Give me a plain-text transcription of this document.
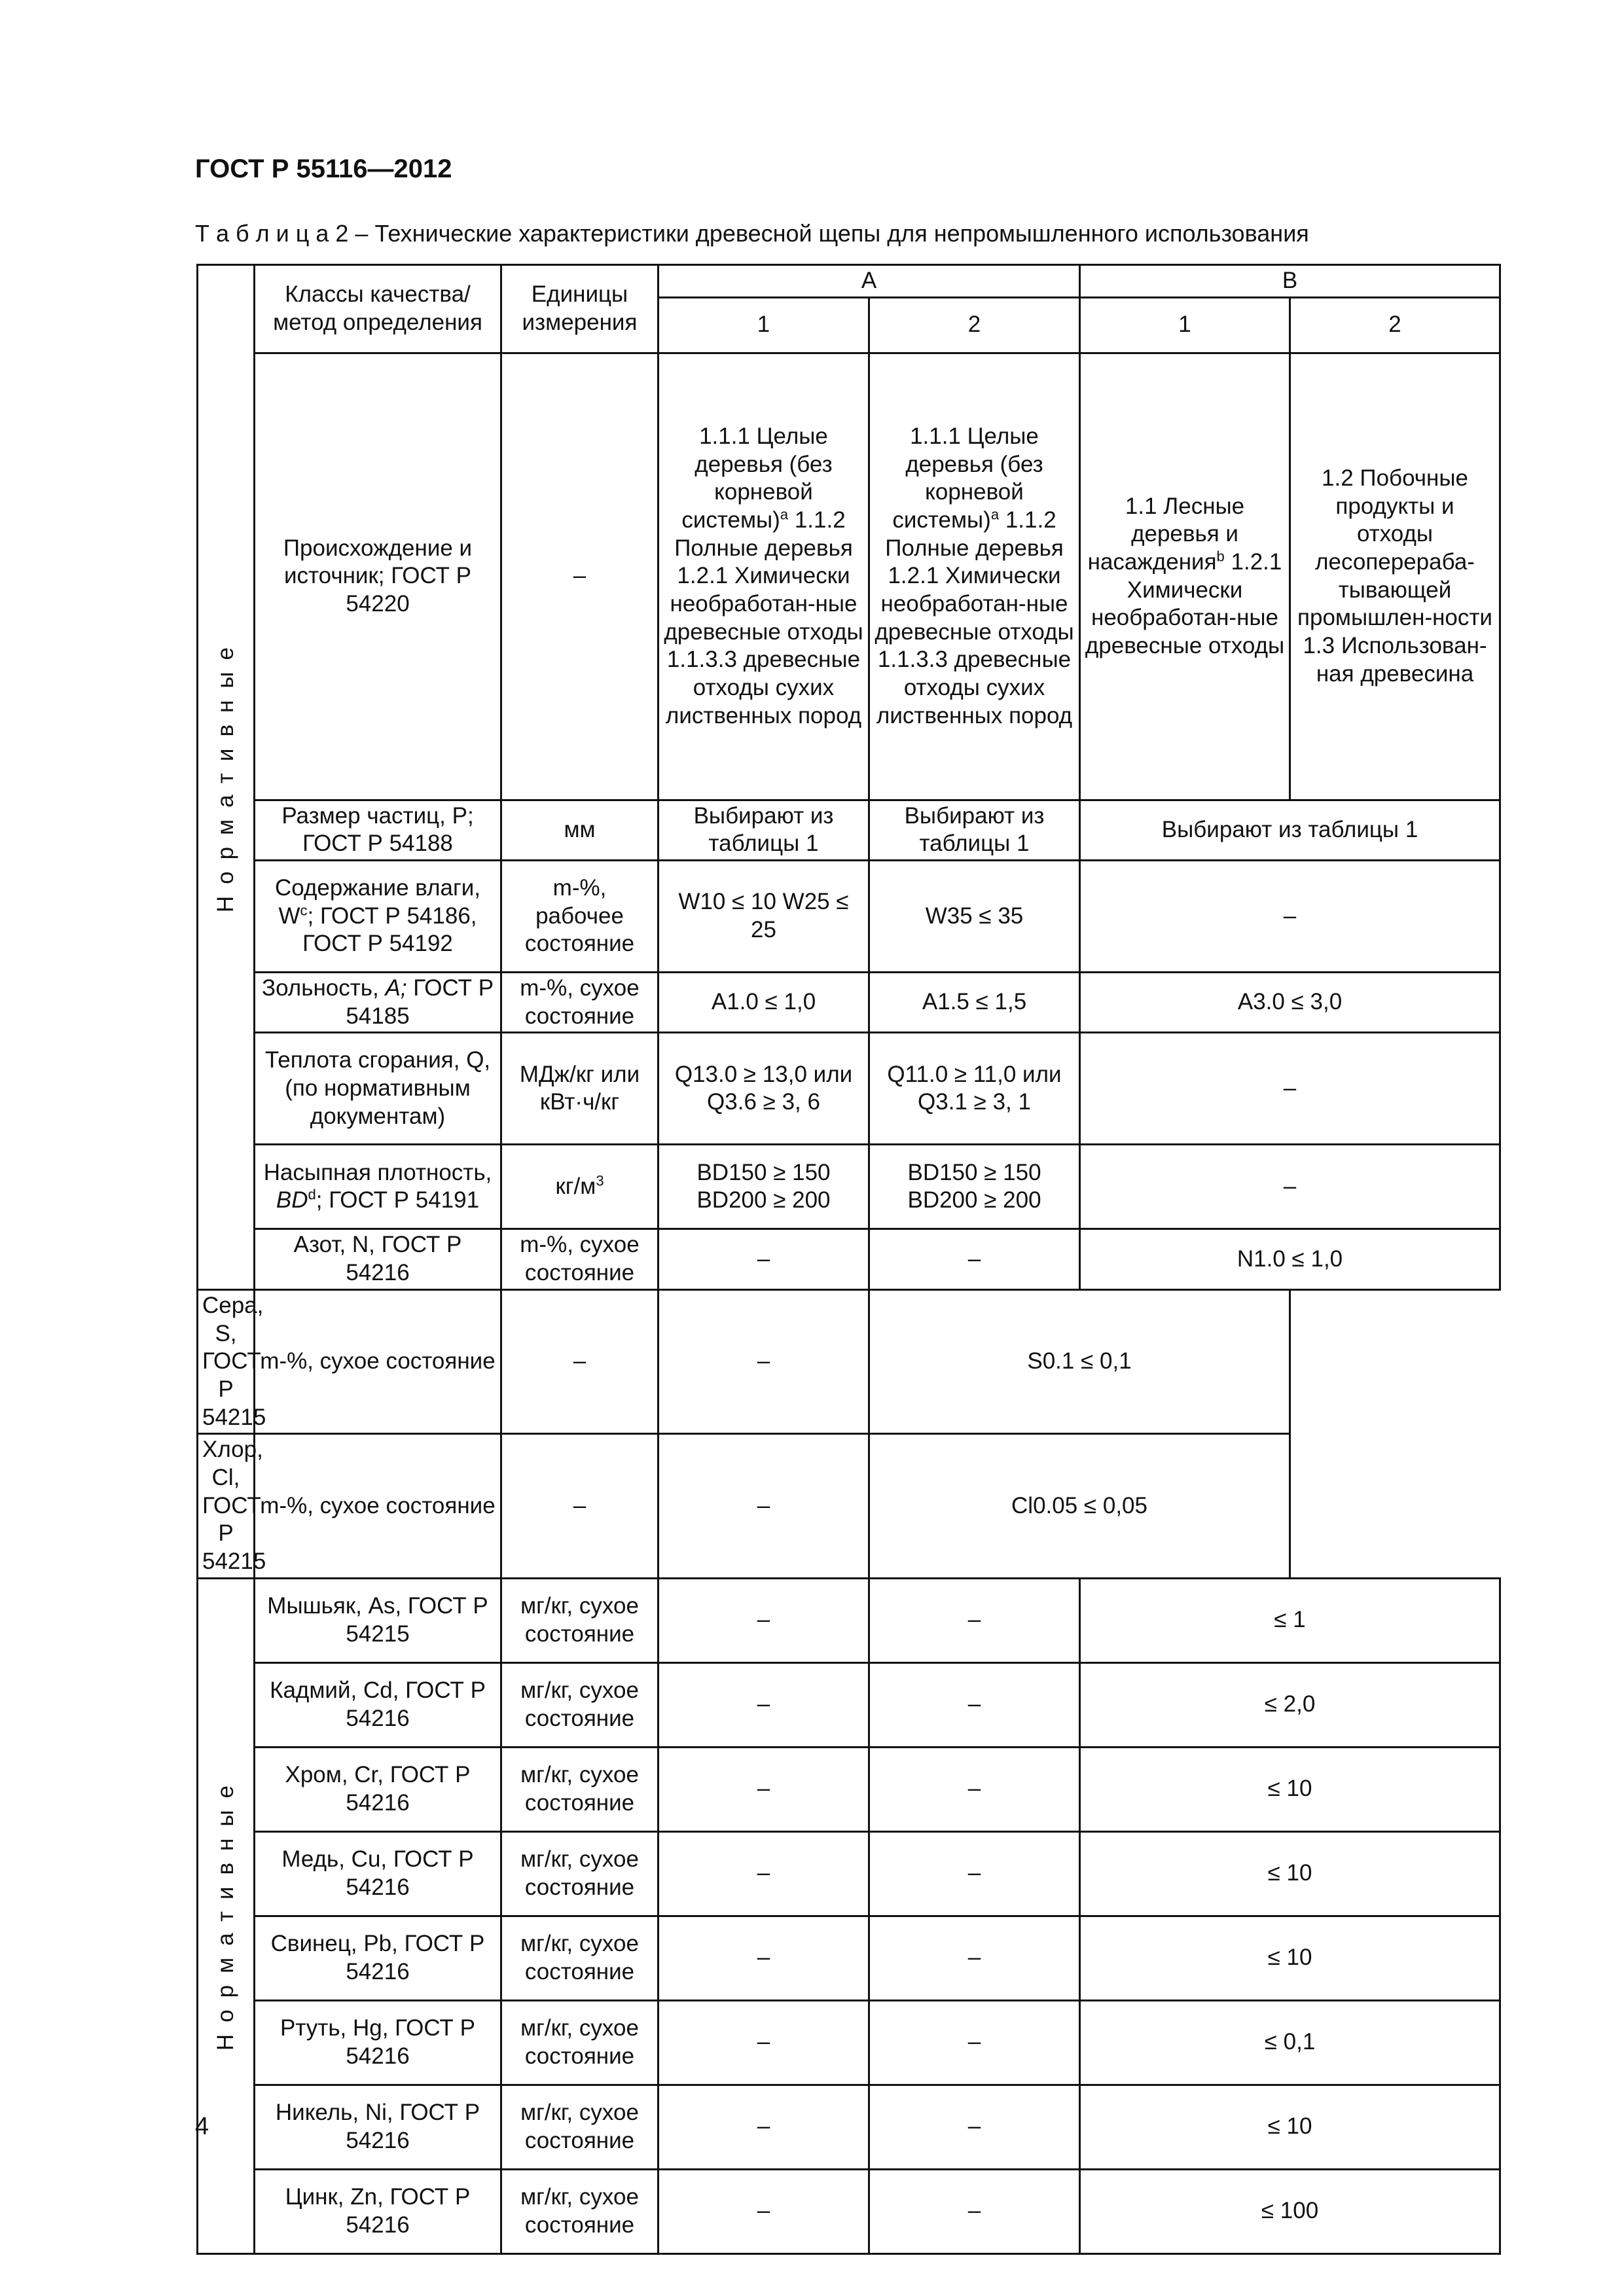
ГОСТ Р 55116—2012
Т а б л и ц а 2 – Технические характеристики древесной щепы для непромышленного использования
Нормативные	Классы качества/метод определения	Единицы измерения	A		B	
			1	2	1	2
	Происхождение и источник; ГОСТ Р 54220	–	1.1.1 Целые деревья (без корневой системы)$^а$ 1.1.2 Полные деревья 1.2.1 Химически необработан-ные древесные отходы 1.1.3.3 древесные отходы сухих лиственных пород	1.1.1 Целые деревья (без корневой системы)$^а$ 1.1.2 Полные деревья 1.2.1 Химически необработан-ные древесные отходы 1.1.3.3 древесные отходы сухих лиственных пород	1.1 Лесные деревья и насаждения$^b$ 1.2.1 Химически необработан-ные древесные отходы	1.2 Побочные продукты и отходы лесоперераба-тывающей промышлен-ности 1.3 Использован-ная древесина
	Размер частиц, P; ГОСТ Р 54188	мм	Выбирают из таблицы 1	Выбирают из таблицы 1	Выбирают из таблицы 1	
	Содержание влаги, $W^c$; ГОСТ Р 54186, ГОСТ Р 54192	m-%, рабочее состояние	W10 ≤ 10 W25 ≤ 25	W35 ≤ 35	–	
	Зольность, A; ГОСТ Р 54185	m-%, сухое состояние	A1.0 ≤ 1,0	A1.5 ≤ 1,5	A3.0 ≤ 3,0	
	Теплота сгорания, Q, (по нормативным документам)	МДж/кг или кВт·ч/кг	Q13.0 ≥ 13,0 или Q3.6 ≥ 3, 6	Q11.0 ≥ 11,0 или Q3.1 ≥ 3, 1	–	
	Насыпная плотность, $BD^d$; ГОСТ Р 54191	$кг/м^3$	BD150 ≥ 150 BD200 ≥ 200	BD150 ≥ 150 BD200 ≥ 200	–	
	Азот, N, ГОСТ Р 54216	m-%, сухое состояние	–	–	N1.0 ≤ 1,0	
Сера, S, ГОСТ Р 54215	m-%, сухое состояние	–	–	S0.1 ≤ 0,1		
Хлор, Cl, ГОСТ Р 54215	m-%, сухое состояние	–	–	Cl0.05 ≤ 0,05		
Нормативные	Мышьяк, As, ГОСТ Р 54215	мг/кг, сухое состояние	–	–	≤ 1	
	Кадмий, Cd, ГОСТ Р 54216	мг/кг, сухое состояние	–	–	≤ 2,0	
	Хром, Cr, ГОСТ Р 54216	мг/кг, сухое состояние	–	–	≤ 10	
	Медь, Cu, ГОСТ Р 54216	мг/кг, сухое состояние	–	–	≤ 10	
	Свинец, Pb, ГОСТ Р 54216	мг/кг, сухое состояние	–	–	≤ 10	
	Ртуть, Hg, ГОСТ Р 54216	мг/кг, сухое состояние	–	–	≤ 0,1	
	Никель, Ni, ГОСТ Р 54216	мг/кг, сухое состояние	–	–	≤ 10	
	Цинк, Zn, ГОСТ Р 54216	мг/кг, сухое состояние	–	–	≤ 100	
4
